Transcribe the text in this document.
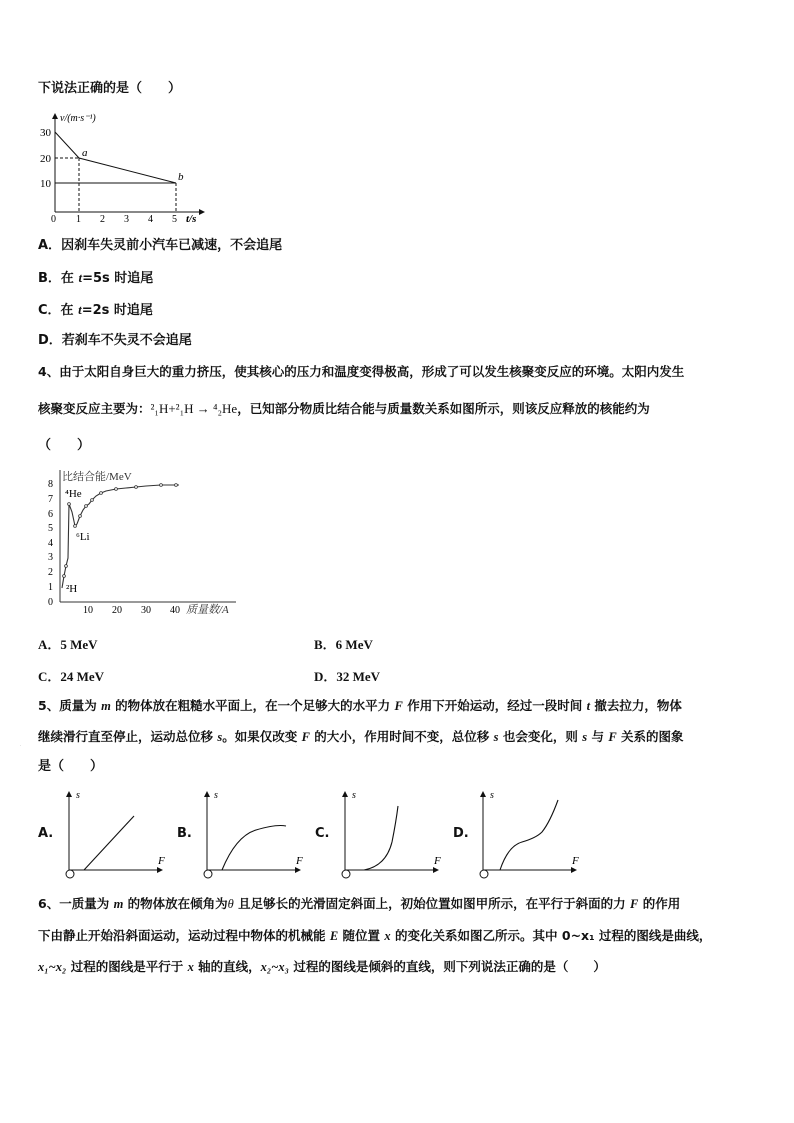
下说法正确的是（　　）
v/(m·s⁻¹)
t/s
30
20
10
0 1 2 3 4 5
a
b
A．因刹车失灵前小汽车已减速，不会追尾
B．在 t=5s 时追尾
C．在 t=2s 时追尾
D．若刹车不失灵不会追尾
4、由于太阳自身巨大的重力挤压，使其核心的压力和温度变得极高，形成了可以发生核聚变反应的环境。太阳内发生
核聚变反应主要为：²₁H+²₁H → ⁴₂He，已知部分物质比结合能与质量数关系如图所示，则该反应释放的核能约为
（　　）
比结合能/MeV
质量数/A
0
1
2
3
4
5
6
7
8
10 20 30 40
⁴He
⁶Li
²H
A．5 MeV	B．6 MeV
C．24 MeV	D．32 MeV
5、质量为 m 的物体放在粗糙水平面上，在一个足够大的水平力 F 作用下开始运动，经过一段时间 t 撤去拉力，物体
继续滑行直至停止，运动总位移 s。如果仅改变 F 的大小，作用时间不变，总位移 s 也会变化，则 s 与 F 关系的图象
是（　　）
A.
s
F
O
B.
s
F
O
C.
s
F
O
D.
s
F
O
6、一质量为 m 的物体放在倾角为θ 且足够长的光滑固定斜面上，初始位置如图甲所示，在平行于斜面的力 F 的作用
下由静止开始沿斜面运动，运动过程中物体的机械能 E 随位置 x 的变化关系如图乙所示。其中 0~x₁ 过程的图线是曲线，
x₁~x₂ 过程的图线是平行于 x 轴的直线，x₂~x₃ 过程的图线是倾斜的直线，则下列说法正确的是（　　）
